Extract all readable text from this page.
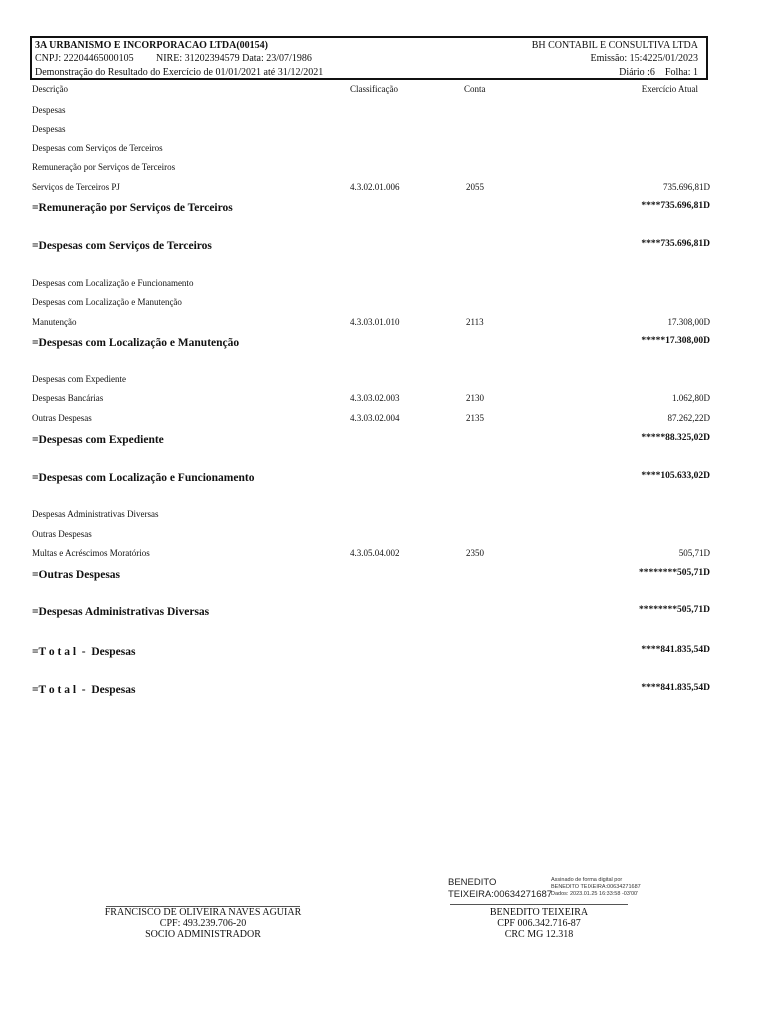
3A URBANISMO E INCORPORACAO LTDA(00154)	BH CONTABIL E CONSULTIVA LTDA
CNPJ: 22204465000105 NIRE: 31202394579 Data: 23/07/1986	Emissão: 15:4225/01/2023
Demonstração do Resultado do Exercício de 01/01/2021 até 31/12/2021	Diário :6    Folha: 1
Descrição	Classificação	Conta	Exercício Atual
Despesas
Despesas
Despesas com Serviços de Terceiros
Remuneração por Serviços de Terceiros
Serviços de Terceiros PJ	4.3.02.01.006	2055	735.696,81D
=Remuneração por Serviços de Terceiros	****735.696,81D
=Despesas com Serviços de Terceiros	****735.696,81D
Despesas com Localização e Funcionamento
Despesas com Localização e Manutenção
Manutenção	4.3.03.01.010	2113	17.308,00D
=Despesas com Localização e Manutenção	*****17.308,00D
Despesas com Expediente
Despesas Bancárias	4.3.03.02.003	2130	1.062,80D
Outras Despesas	4.3.03.02.004	2135	87.262,22D
=Despesas com Expediente	*****88.325,02D
=Despesas com Localização e Funcionamento	****105.633,02D
Despesas Administrativas Diversas
Outras Despesas
Multas e Acréscimos Moratórios	4.3.05.04.002	2350	505,71D
=Outras Despesas	********505,71D
=Despesas Administrativas Diversas	********505,71D
=T o t a l  -  Despesas	****841.835,54D
=T o t a l  -  Despesas	****841.835,54D
FRANCISCO DE OLIVEIRA NAVES AGUIAR
CPF: 493.239.706-20
SOCIO ADMINISTRADOR
BENEDITO
TEIXEIRA:00634271687
Assinado de forma digital por
BENEDITO TEIXEIRA:00634271687
Dados: 2023.01.25 16:33:58 -03'00'
BENEDITO TEIXEIRA
CPF 006.342.716-87
CRC MG 12.318
